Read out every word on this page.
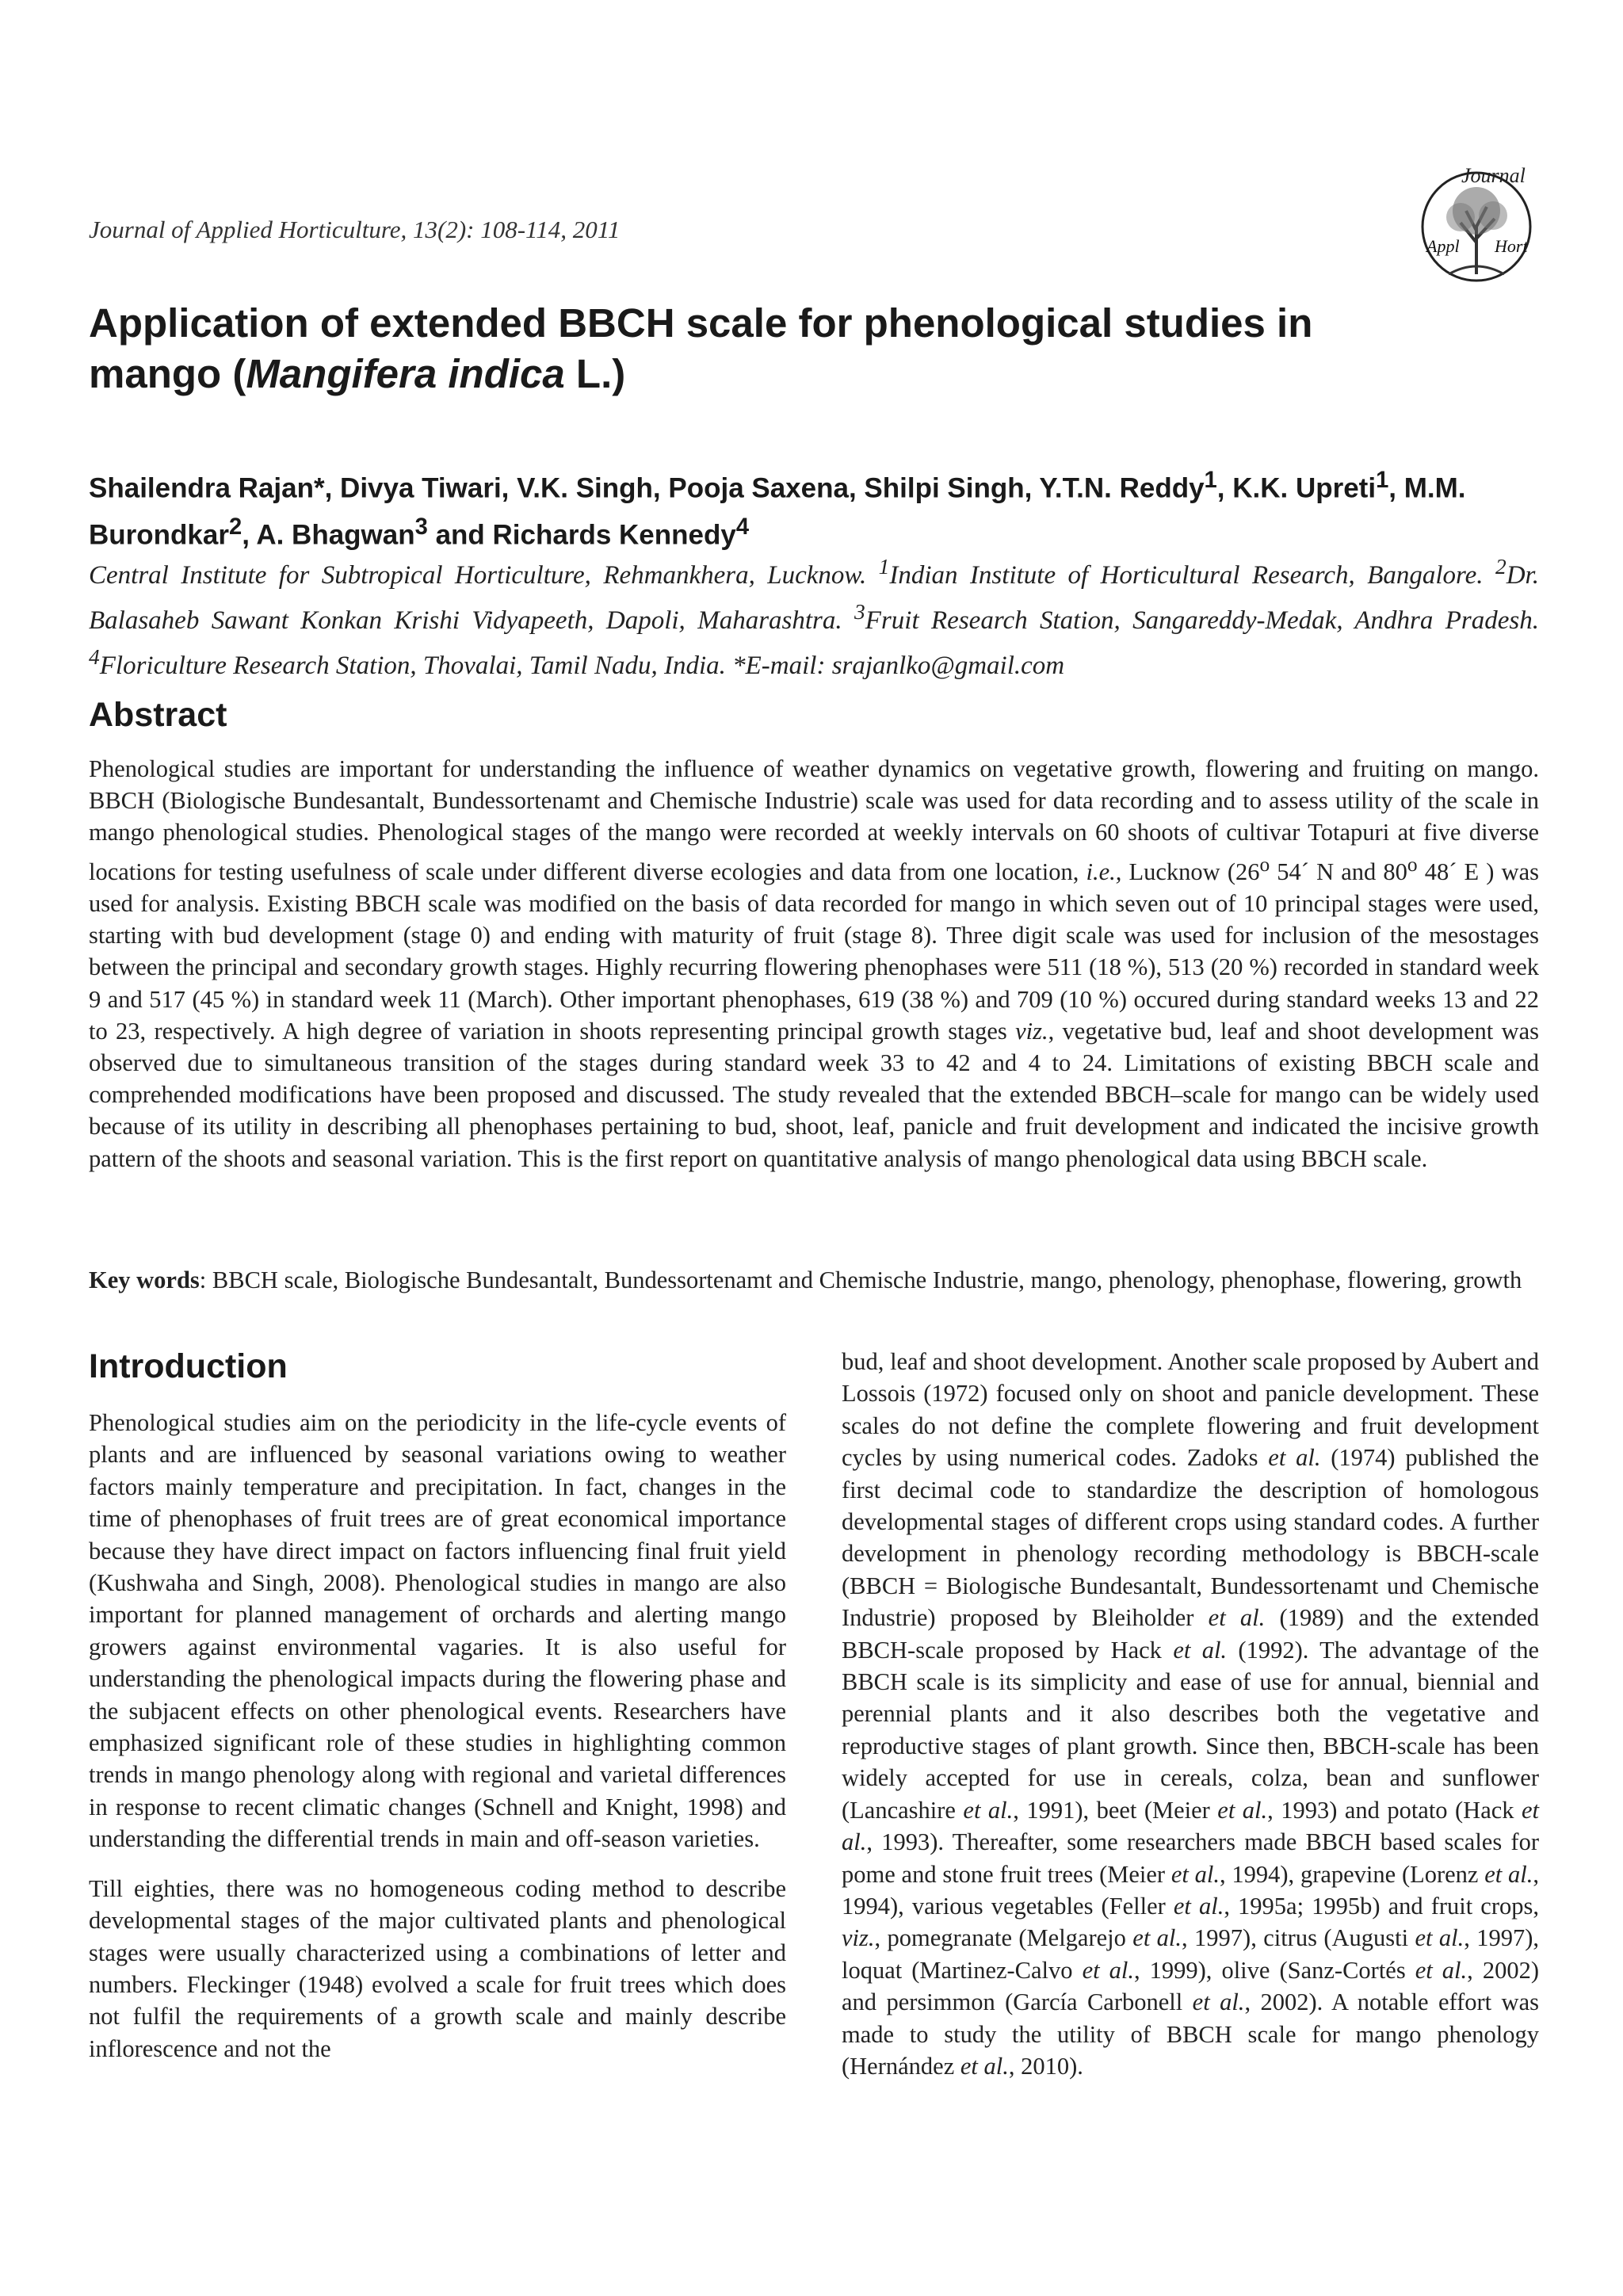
Journal of Applied Horticulture, 13(2): 108-114, 2011
Journal
Appl Hort
Application of extended BBCH scale for phenological studies in mango (Mangifera indica L.)
Shailendra Rajan*, Divya Tiwari, V.K. Singh, Pooja Saxena, Shilpi Singh, Y.T.N. Reddy$^1$, K.K. Upreti$^1$, M.M. Burondkar$^2$, A. Bhagwan$^3$ and Richards Kennedy$^4$
Central Institute for Subtropical Horticulture, Rehmankhera, Lucknow. $^1$Indian Institute of Horticultural Research, Bangalore. $^2$Dr. Balasaheb Sawant Konkan Krishi Vidyapeeth, Dapoli, Maharashtra. $^3$Fruit Research Station, Sangareddy-Medak, Andhra Pradesh. $^4$Floriculture Research Station, Thovalai, Tamil Nadu, India. *E-mail: srajanlko@gmail.com
Abstract
Phenological studies are important for understanding the influence of weather dynamics on vegetative growth, flowering and fruiting on mango. BBCH (Biologische Bundesantalt, Bundessortenamt and Chemische Industrie) scale was used for data recording and to assess utility of the scale in mango phenological studies. Phenological stages of the mango were recorded at weekly intervals on 60 shoots of cultivar Totapuri at five diverse locations for testing usefulness of scale under different diverse ecologies and data from one location, i.e., Lucknow (26$^o$ 54´ N and 80$^o$ 48´ E ) was used for analysis. Existing BBCH scale was modified on the basis of data recorded for mango in which seven out of 10 principal stages were used, starting with bud development (stage 0) and ending with maturity of fruit (stage 8). Three digit scale was used for inclusion of the mesostages between the principal and secondary growth stages. Highly recurring flowering phenophases were 511 (18 %), 513 (20 %) recorded in standard week 9 and 517 (45 %) in standard week 11 (March). Other important phenophases, 619 (38 %) and 709 (10 %) occured during standard weeks 13 and 22 to 23, respectively. A high degree of variation in shoots representing principal growth stages viz., vegetative bud, leaf and shoot development was observed due to simultaneous transition of the stages during standard week 33 to 42 and 4 to 24. Limitations of existing BBCH scale and comprehended modifications have been proposed and discussed. The study revealed that the extended BBCH–scale for mango can be widely used because of its utility in describing all phenophases pertaining to bud, shoot, leaf, panicle and fruit development and indicated the incisive growth pattern of the shoots and seasonal variation. This is the first report on quantitative analysis of mango phenological data using BBCH scale.
Key words: BBCH scale, Biologische Bundesantalt, Bundessortenamt and Chemische Industrie, mango, phenology, phenophase, flowering, growth
Introduction

Phenological studies aim on the periodicity in the life-cycle events of plants and are influenced by seasonal variations owing to weather factors mainly temperature and precipitation. In fact, changes in the time of phenophases of fruit trees are of great economical importance because they have direct impact on factors influencing final fruit yield (Kushwaha and Singh, 2008). Phenological studies in mango are also important for planned management of orchards and alerting mango growers against environmental vagaries. It is also useful for understanding the phenological impacts during the flowering phase and the subjacent effects on other phenological events. Researchers have emphasized significant role of these studies in highlighting common trends in mango phenology along with regional and varietal differences in response to recent climatic changes (Schnell and Knight, 1998) and understanding the differential trends in main and off-season varieties.

Till eighties, there was no homogeneous coding method to describe developmental stages of the major cultivated plants and phenological stages were usually characterized using a combinations of letter and numbers. Fleckinger (1948) evolved a scale for fruit trees which does not fulfil the requirements of a growth scale and mainly describe inflorescence and not the

bud, leaf and shoot development. Another scale proposed by Aubert and Lossois (1972) focused only on shoot and panicle development. These scales do not define the complete flowering and fruit development cycles by using numerical codes. Zadoks et al. (1974) published the first decimal code to standardize the description of homologous developmental stages of different crops using standard codes. A further development in phenology recording methodology is BBCH-scale (BBCH = Biologische Bundesantalt, Bundessortenamt und Chemische Industrie) proposed by Bleiholder et al. (1989) and the extended BBCH-scale proposed by Hack et al. (1992). The advantage of the BBCH scale is its simplicity and ease of use for annual, biennial and perennial plants and it also describes both the vegetative and reproductive stages of plant growth. Since then, BBCH-scale has been widely accepted for use in cereals, colza, bean and sunflower (Lancashire et al., 1991), beet (Meier et al., 1993) and potato (Hack et al., 1993). Thereafter, some researchers made BBCH based scales for pome and stone fruit trees (Meier et al., 1994), grapevine (Lorenz et al., 1994), various vegetables (Feller et al., 1995a; 1995b) and fruit crops, viz., pomegranate (Melgarejo et al., 1997), citrus (Augusti et al., 1997), loquat (Martinez-Calvo et al., 1999), olive (Sanz-Cortés et al., 2002) and persimmon (García Carbonell et al., 2002). A notable effort was made to study the utility of BBCH scale for mango phenology (Hernández et al., 2010).
